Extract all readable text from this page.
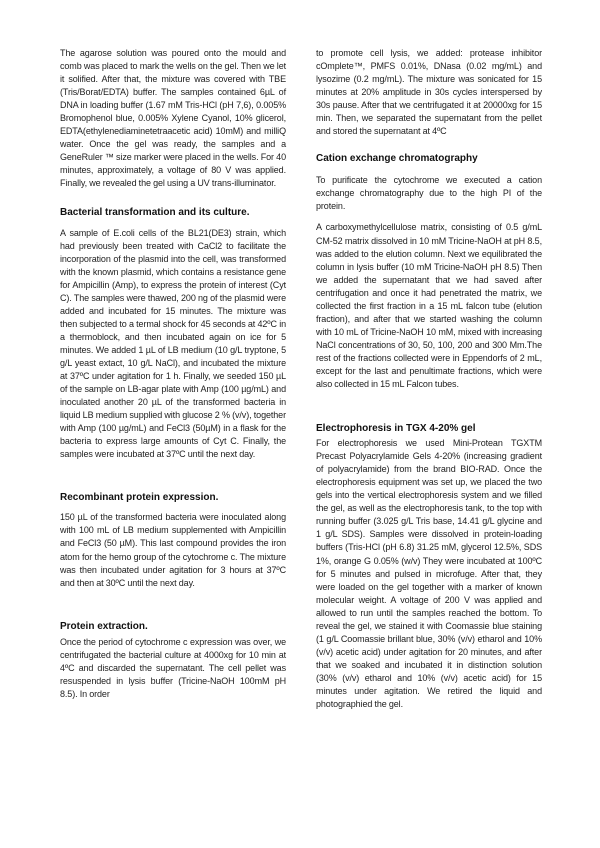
The agarose solution was poured onto the mould and comb was placed to mark the wells on the gel. Then we let it solified. After that, the mixture was covered with TBE (Tris/Borat/EDTA) buffer. The samples contained 6µL of DNA in loading buffer (1.67 mM Tris-HCl (pH 7,6), 0.005% Bromophenol blue, 0.005% Xylene Cyanol, 10% glicerol, EDTA(ethylenediaminetetraacetic acid) 10mM) and milliQ water. Once the gel was ready, the samples and a GeneRuler ™ size marker were placed in the wells. For 40 minutes, approximately, a voltage of 80 V was applied. Finally, we revealed the gel using a UV trans-illuminator.

Bacterial transformation and its culture.

A sample of E.coli cells of the BL21(DE3) strain, which had previously been treated with CaCl2 to facilitate the incorporation of the plasmid into the cell, was transformed with the known plasmid, which contains a resistance gene for Ampicillin (Amp), to express the protein of interest (Cyt C). The samples were thawed, 200 ng of the plasmid were added and incubated for 15 minutes. The mixture was then subjected to a termal shock for 45 seconds at 42ºC in a thermoblock, and then incubated again on ice for 5 minutes. We added 1 µL of LB medium (10 g/L tryptone, 5 g/L yeast extact, 10 g/L NaCl), and incubated the mixture at 37ºC under agitation for 1 h. Finally, we seeded 150 µL of the sample on LB-agar plate with Amp (100 µg/mL) and inoculated another 20 µL of the transformed bacteria in liquid LB medium supplied with glucose 2 % (v/v), together with Amp (100 µg/mL) and FeCl3 (50µM) in a flask for the bacteria to express large amounts of Cyt C. Finally, the samples were incubated at 37ºC until the next day.

Recombinant protein expression.

150 µL of the transformed bacteria were inoculated along with 100 mL of LB medium supplemented with Ampicillin and FeCl3 (50 µM). This last compound provides the iron atom for the hemo group of the cytochrome c. The mixture was then incubated under agitation for 3 hours at 37ºC and then at 30ºC until the next day.

Protein extraction.

Once the period of cytochrome c expression was over, we centrifugated the bacterial culture at 4000xg for 10 min at 4ºC and discarded the supernatant. The cell pellet was resuspended in lysis buffer (Tricine-NaOH 100mM pH 8.5). In order

to promote cell lysis, we added: protease inhibitor cOmplete™, PMFS 0.01%, DNasa (0.02 mg/mL) and lysozime (0.2 mg/mL). The mixture was sonicated for 15 minutes at 20% amplitude in 30s cycles interspersed by 30s pause. After that we centrifugated it at 20000xg for 15 min. Then, we separated the supernatant from the pellet and stored the supernatant at 4ºC

Cation exchange chromatography

To purificate the cytochrome we executed a cation exchange chromatography due to the high PI of the protein.

A carboxymethylcellulose matrix, consisting of 0.5 g/mL CM-52 matrix dissolved in 10 mM Tricine-NaOH at pH 8.5, was added to the elution column. Next we equilibrated the column in lysis buffer (10 mM Tricine-NaOH pH 8.5) Then we added the supernatant that we had saved after centrifugation and once it had penetrated the matrix, we collected the first fraction in a 15 mL falcon tube (elution fraction), and after that we started washing the column with 10 mL of Tricine-NaOH 10 mM, mixed with increasing NaCl concentrations of 30, 50, 100, 200 and 300 Mm.The rest of the fractions collected were in Eppendorfs of 2 mL, except for the last and penultimate fractions, which were also collected in 15 mL Falcon tubes.

Electrophoresis in TGX 4-20% gel

For electrophoresis we used Mini-Protean TGXTM Precast Polyacrylamide Gels 4-20% (increasing gradient of polyacrylamide) from the brand BIO-RAD. Once the electrophoresis equipment was set up, we placed the two gels into the vertical electrophoresis system and we filled the gel, as well as the electrophoresis tank, to the top with running buffer (3.025 g/L Tris base, 14.41 g/L glycine and 1 g/L SDS). Samples were dissolved in protein-loading buffers (Tris-HCl (pH 6.8) 31.25 mM, glycerol 12.5%, SDS 1%, orange G 0.05% (w/v) They were incubated at 100ºC for 5 minutes and pulsed in microfuge. After that, they were loaded on the gel together with a marker of known molecular weight. A voltage of 200 V was applied and allowed to run until the samples reached the bottom. To reveal the gel, we stained it with Coomassie blue staining (1 g/L Coomassie brillant blue, 30% (v/v) etharol and 10% (v/v) acetic acid) under agitation for 20 minutes, and after that we soaked and incubated it in distinction solution (30% (v/v) etharol and 10% (v/v) acetic acid) for 15 minutes under agitation. We retired the liquid and photographied the gel.
